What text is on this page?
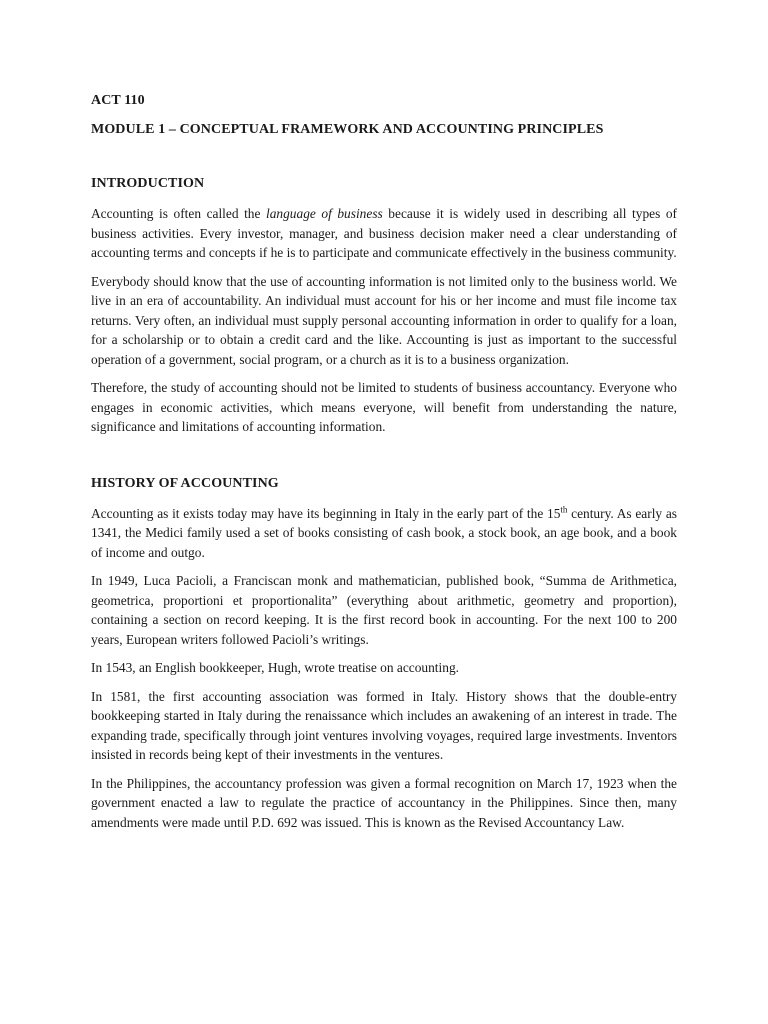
ACT 110
MODULE 1 – CONCEPTUAL FRAMEWORK AND ACCOUNTING PRINCIPLES
INTRODUCTION

Accounting is often called the language of business because it is widely used in describing all types of business activities. Every investor, manager, and business decision maker need a clear understanding of accounting terms and concepts if he is to participate and communicate effectively in the business community.

Everybody should know that the use of accounting information is not limited only to the business world. We live in an era of accountability. An individual must account for his or her income and must file income tax returns. Very often, an individual must supply personal accounting information in order to qualify for a loan, for a scholarship or to obtain a credit card and the like. Accounting is just as important to the successful operation of a government, social program, or a church as it is to a business organization.

Therefore, the study of accounting should not be limited to students of business accountancy. Everyone who engages in economic activities, which means everyone, will benefit from understanding the nature, significance and limitations of accounting information.

HISTORY OF ACCOUNTING

Accounting as it exists today may have its beginning in Italy in the early part of the 15th century. As early as 1341, the Medici family used a set of books consisting of cash book, a stock book, an age book, and a book of income and outgo.

In 1949, Luca Pacioli, a Franciscan monk and mathematician, published book, “Summa de Arithmetica, geometrica, proportioni et proportionalita” (everything about arithmetic, geometry and proportion), containing a section on record keeping. It is the first record book in accounting. For the next 100 to 200 years, European writers followed Pacioli’s writings.

In 1543, an English bookkeeper, Hugh, wrote treatise on accounting.

In 1581, the first accounting association was formed in Italy. History shows that the double-entry bookkeeping started in Italy during the renaissance which includes an awakening of an interest in trade. The expanding trade, specifically through joint ventures involving voyages, required large investments. Inventors insisted in records being kept of their investments in the ventures.

In the Philippines, the accountancy profession was given a formal recognition on March 17, 1923 when the government enacted a law to regulate the practice of accountancy in the Philippines. Since then, many amendments were made until P.D. 692 was issued. This is known as the Revised Accountancy Law.
